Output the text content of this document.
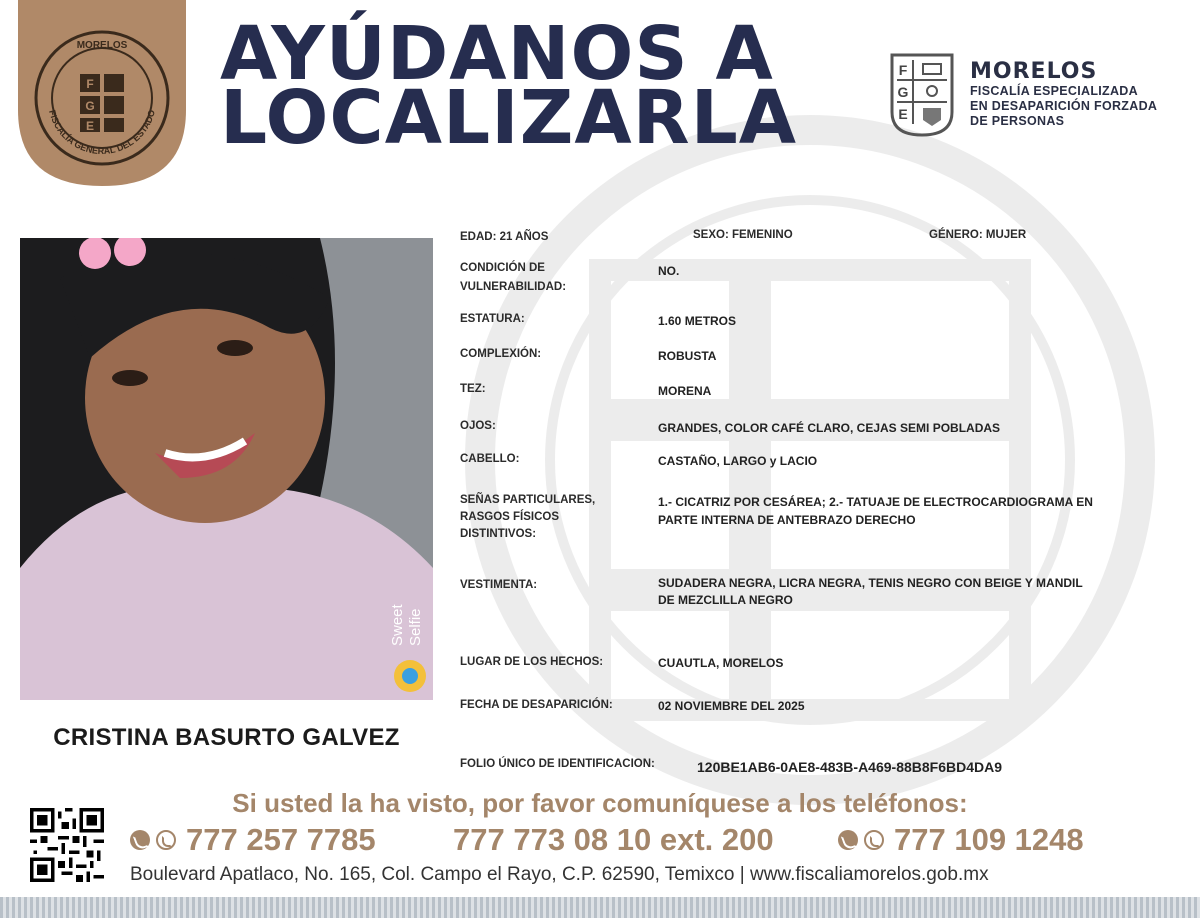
F
G
E
MORELOS
FISCALÍA GENERAL DEL ESTADO
AYÚDANOS A
LOCALIZARLA
F
G
E
MORELOS
FISCALÍA ESPECIALIZADA
EN DESAPARICIÓN FORZADA
DE PERSONAS
Sweet Selfie
CRISTINA BASURTO GALVEZ
EDAD: 21 AÑOS	SEXO: FEMENINO	GÉNERO: MUJER
CONDICIÓN DE
VULNERABILIDAD:
NO.
ESTATURA:	1.60 METROS
COMPLEXIÓN:	ROBUSTA
TEZ:	MORENA
OJOS:	GRANDES, COLOR CAFÉ CLARO, CEJAS SEMI POBLADAS
CABELLO:	CASTAÑO, LARGO y LACIO
SEÑAS PARTICULARES,
RASGOS FÍSICOS
DISTINTIVOS:
1.- CICATRIZ POR CESÁREA; 2.- TATUAJE DE ELECTROCARDIOGRAMA EN
PARTE INTERNA DE ANTEBRAZO DERECHO
VESTIMENTA:	SUDADERA NEGRA, LICRA NEGRA, TENIS NEGRO CON BEIGE Y MANDIL
DE MEZCLILLA NEGRO
LUGAR DE LOS HECHOS:	CUAUTLA, MORELOS
FECHA DE DESAPARICIÓN:	02 NOVIEMBRE DEL 2025
FOLIO ÚNICO DE IDENTIFICACION:	120BE1AB6-0AE8-483B-A469-88B8F6BD4DA9
Si usted la ha visto, por favor comuníquese a los teléfonos:
777 257 7785 777 773 08 10 ext. 200	777 109 1248
Boulevard Apatlaco, No. 165, Col. Campo el Rayo, C.P. 62590, Temixco | www.fiscaliamorelos.gob.mx
